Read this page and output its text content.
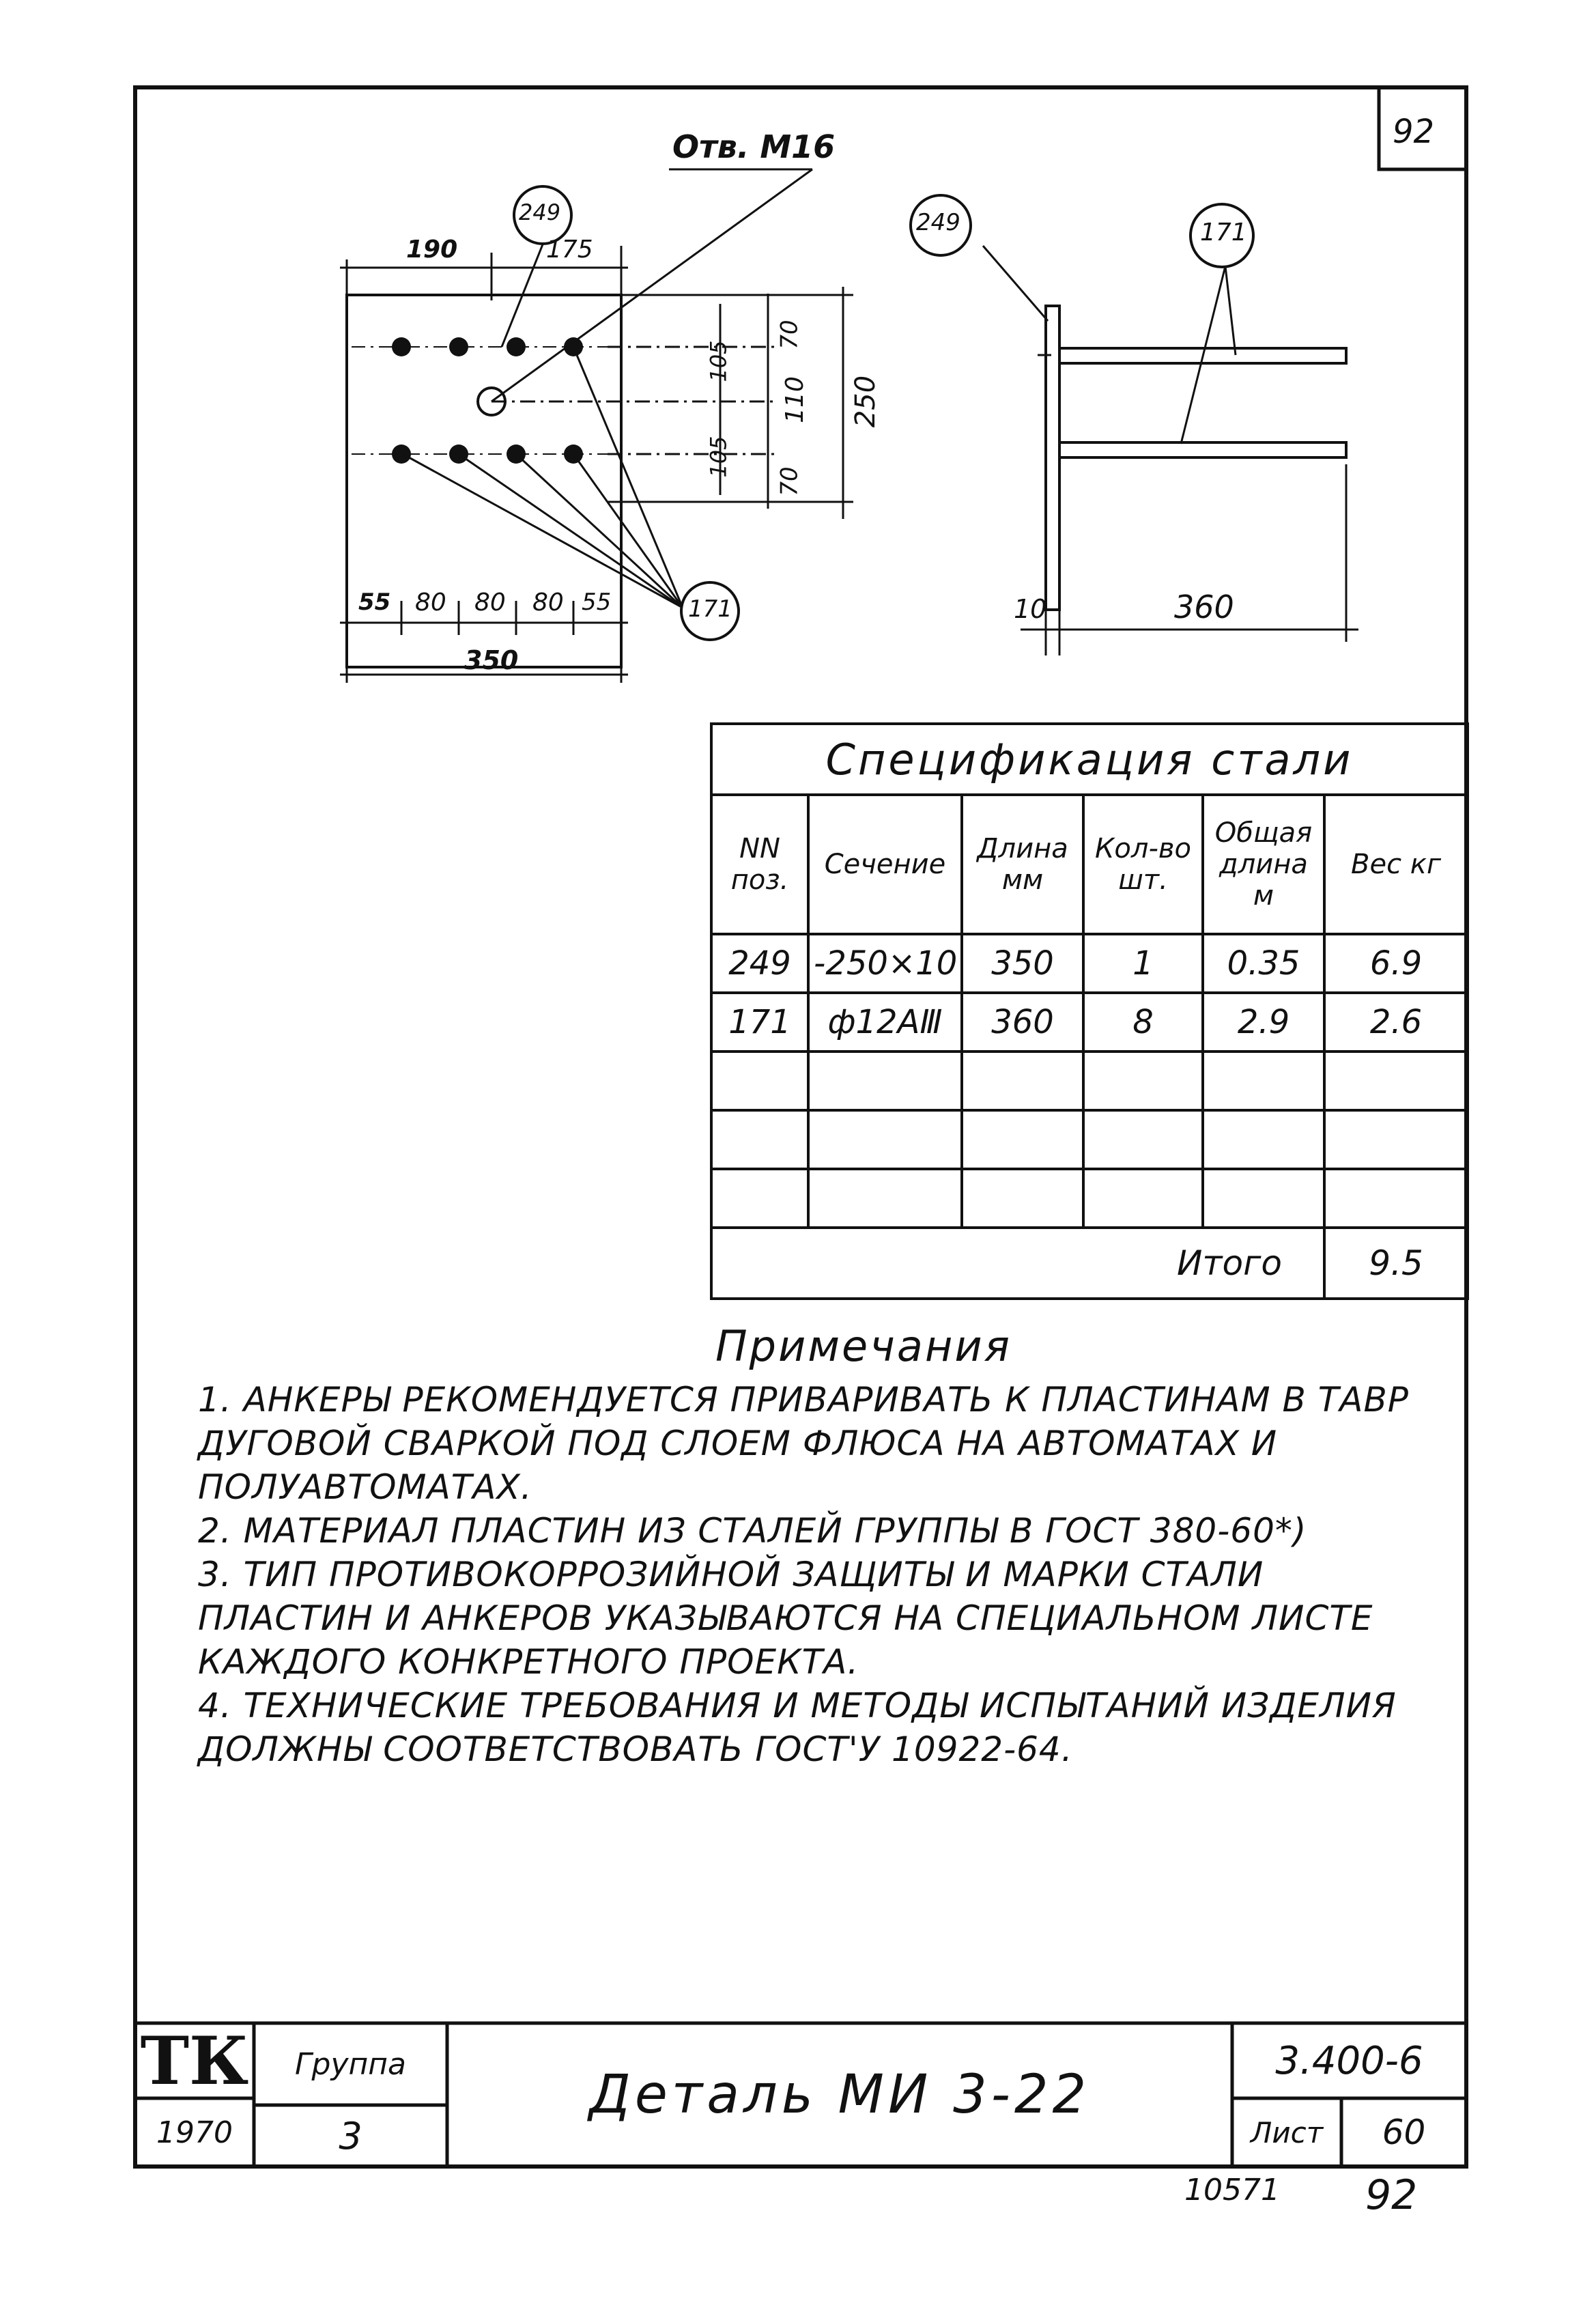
92
Отв. M16
249	249
171
171
190	175
70
110
70
250
105
105
55 80 80 80 55
350
10	360
Спецификация стали					
NN поз.	Сечение	Длина мм	Кол-во шт.	Общая длина м	Вес кг
249	-250×10	350	1	0.35	6.9
171	ф12АⅢ	360	8	2.9	2.6

Итого					9.5
Примечания
1. АНКЕРЫ РЕКОМЕНДУЕТСЯ ПРИВАРИВАТЬ К ПЛАСТИНАМ В ТАВР ДУГОВОЙ СВАРКОЙ ПОД СЛОЕМ ФЛЮСА НА АВТОМАТАХ И ПОЛУАВТОМАТАХ.
2. МАТЕРИАЛ ПЛАСТИН ИЗ СТАЛЕЙ ГРУППЫ В ГОСТ 380-60*)
3. ТИП ПРОТИВОКОРРОЗИЙНОЙ ЗАЩИТЫ И МАРКИ СТАЛИ ПЛАСТИН И АНКЕРОВ УКАЗЫВАЮТСЯ НА СПЕЦИАЛЬНОМ ЛИСТЕ КАЖДОГО КОНКРЕТНОГО ПРОЕКТА.
4. ТЕХНИЧЕСКИЕ ТРЕБОВАНИЯ И МЕТОДЫ ИСПЫТАНИЙ ИЗДЕЛИЯ ДОЛЖНЫ СООТВЕТСТВОВАТЬ ГОСТ'У 10922-64.
ТК
1970
Группа
3
Деталь МИ 3-22
3.400-6
Лист	60
10571 92
